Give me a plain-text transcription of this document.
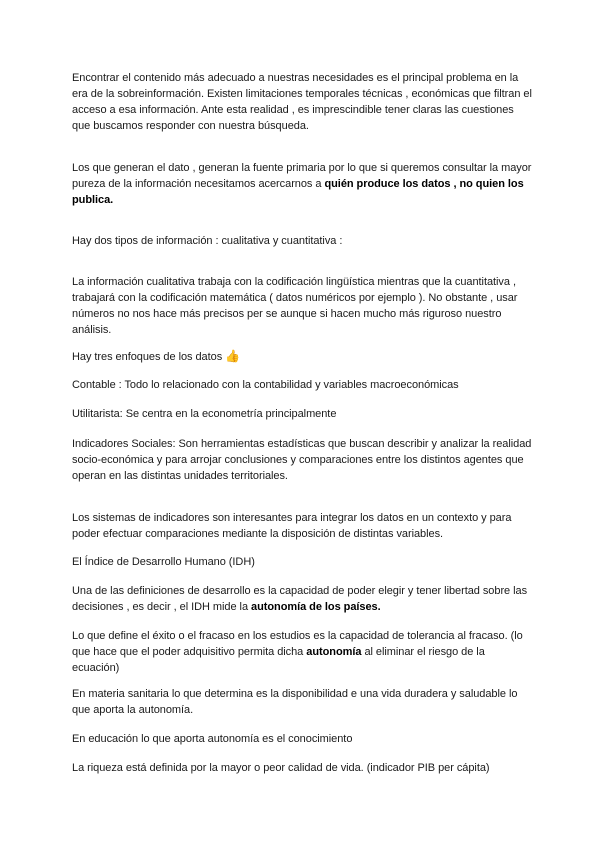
Encontrar el contenido más adecuado a nuestras necesidades es el principal problema en la era de la sobreinformación. Existen limitaciones temporales técnicas , económicas que filtran el acceso a esa información. Ante esta realidad , es imprescindible tener claras las cuestiones que buscamos responder con nuestra búsqueda.

Los que generan el dato , generan la fuente primaria por lo que si queremos consultar la mayor pureza de la información necesitamos acercarnos a quién produce los datos , no quien los publica.

Hay dos tipos de información : cualitativa y cuantitativa :

La información cualitativa trabaja con la codificación lingüística mientras que la cuantitativa , trabajará con la codificación matemática ( datos numéricos por ejemplo ). No obstante , usar números no nos hace más precisos per se aunque si hacen mucho más riguroso nuestro análisis.

Hay tres enfoques de los datos 👍

Contable : Todo lo relacionado con la contabilidad y variables macroeconómicas

Utilitarista: Se centra en la econometría principalmente

Indicadores Sociales: Son herramientas estadísticas que buscan describir y analizar la realidad socio-económica y para arrojar conclusiones y comparaciones entre los distintos agentes que operan en las distintas unidades territoriales.

Los sistemas de indicadores son interesantes para integrar los datos en un contexto y para poder efectuar comparaciones mediante la disposición de distintas variables.

El Índice de Desarrollo Humano (IDH)

Una de las definiciones de desarrollo es la capacidad de poder elegir y tener libertad sobre las decisiones , es decir , el IDH mide la autonomía de los países.

Lo que define el éxito o el fracaso en los estudios es la capacidad de tolerancia al fracaso. (lo que hace que el poder adquisitivo permita dicha autonomía al eliminar el riesgo de la ecuación)

En materia sanitaria lo que determina es la disponibilidad e una vida duradera y saludable lo que aporta la autonomía.

En educación lo que aporta autonomía es el conocimiento

La riqueza está definida por la mayor o peor calidad de vida. (indicador PIB per cápita)
